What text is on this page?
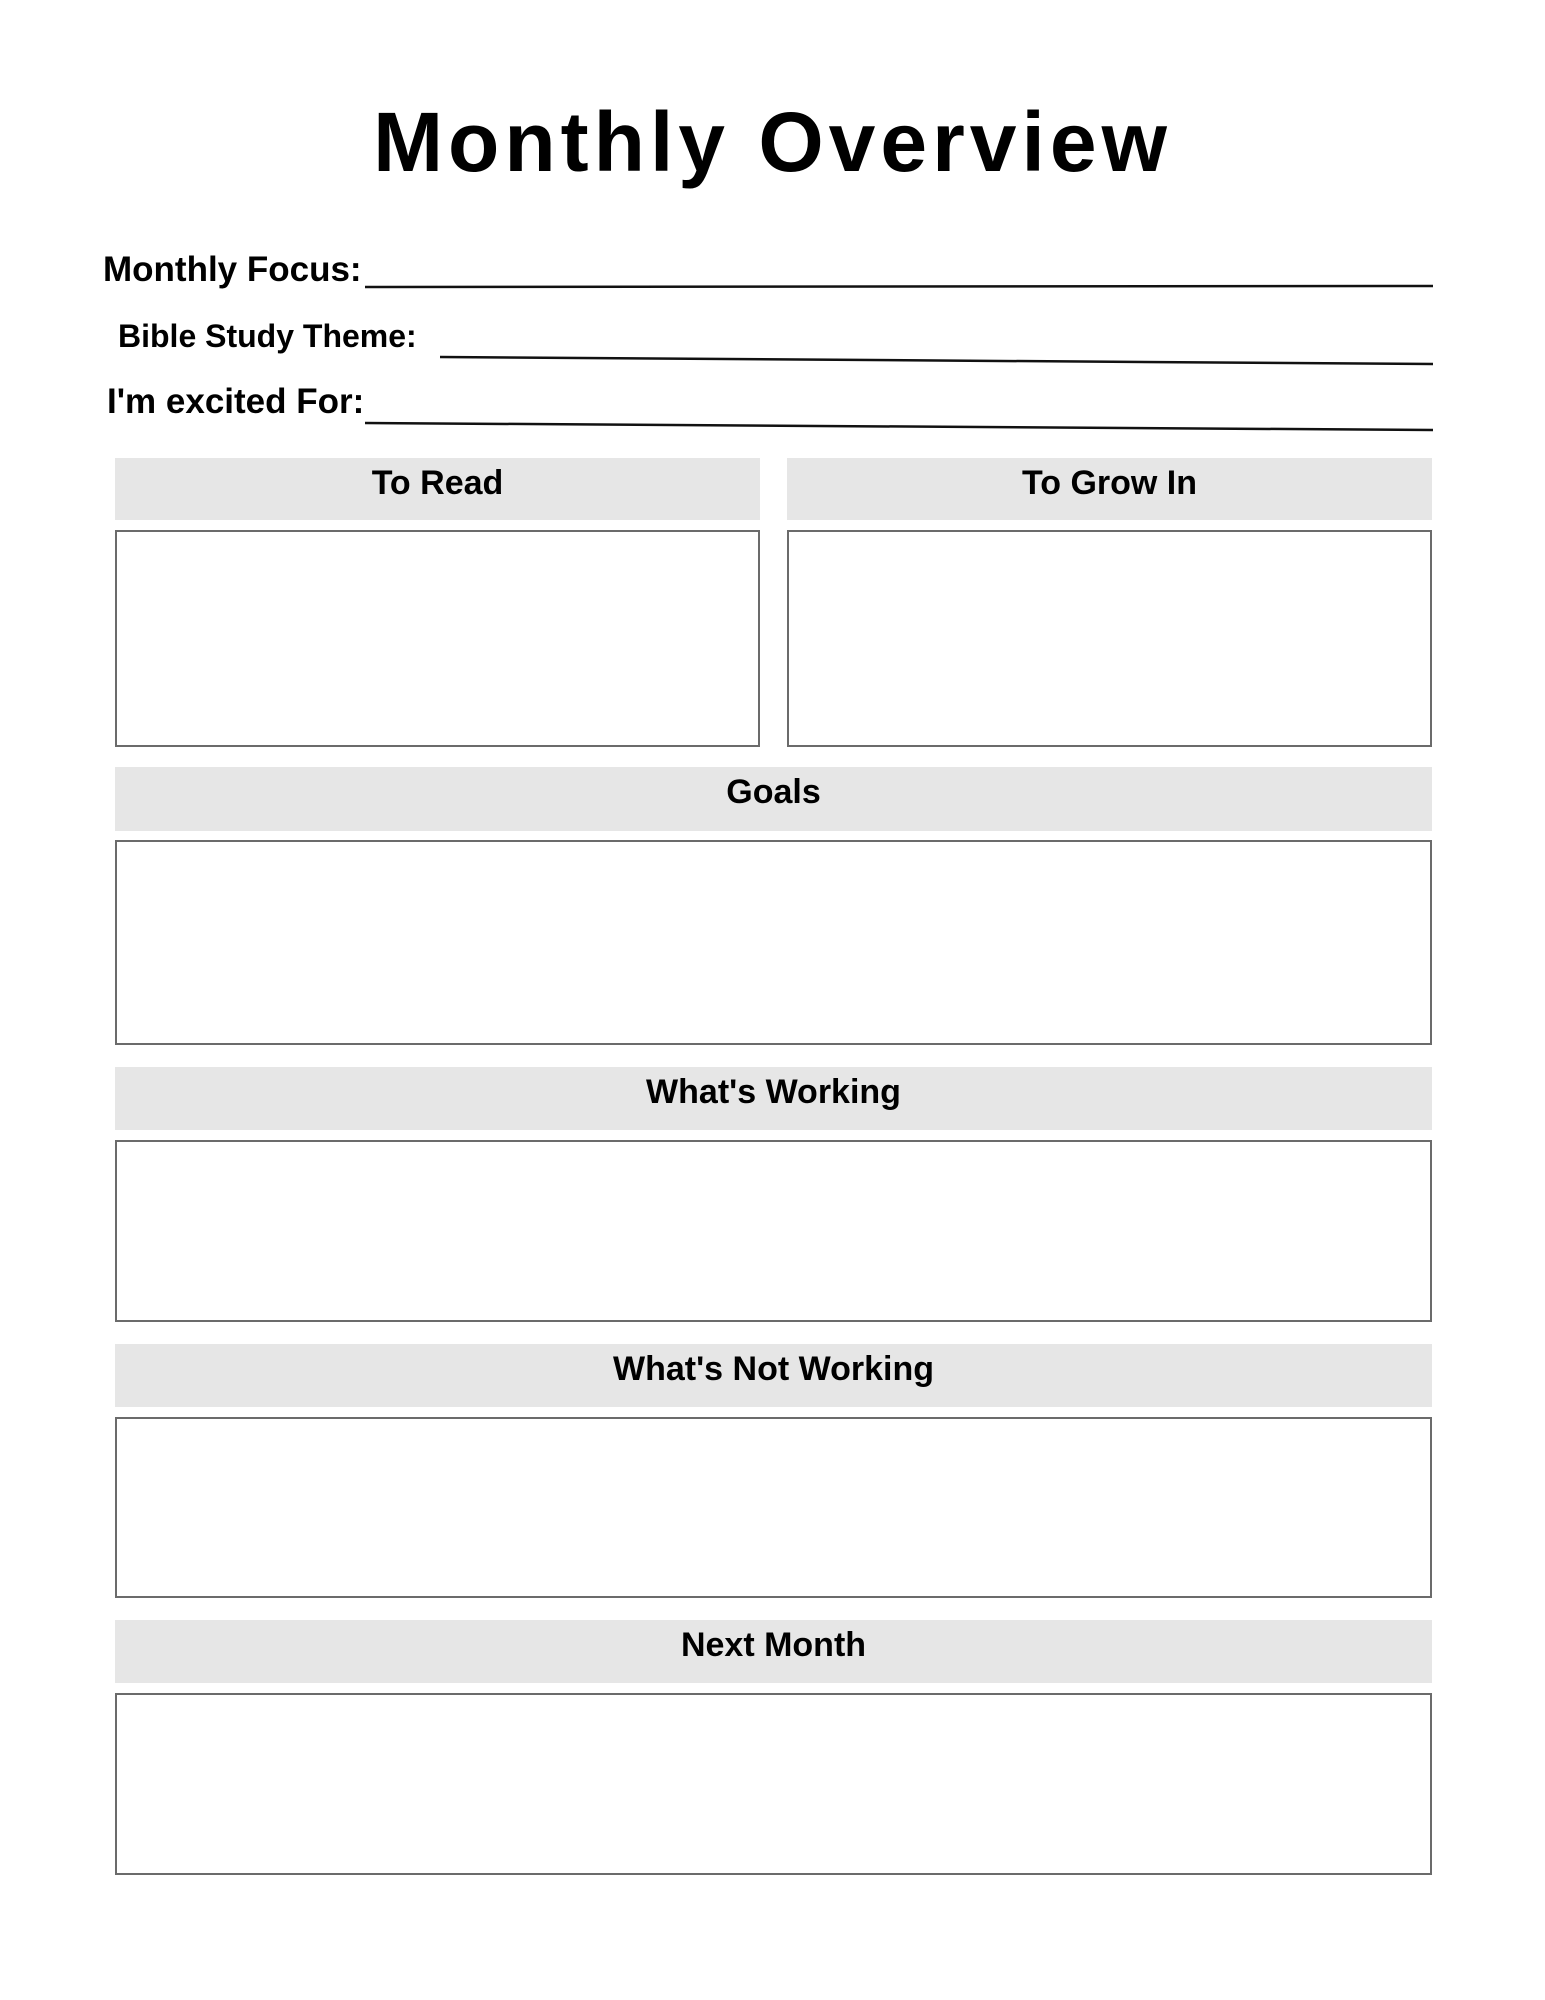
Monthly Overview
Monthly Focus:
Bible Study Theme:
I'm excited For:
To Read	To Grow In
Goals
What's Working
What's Not Working
Next Month
